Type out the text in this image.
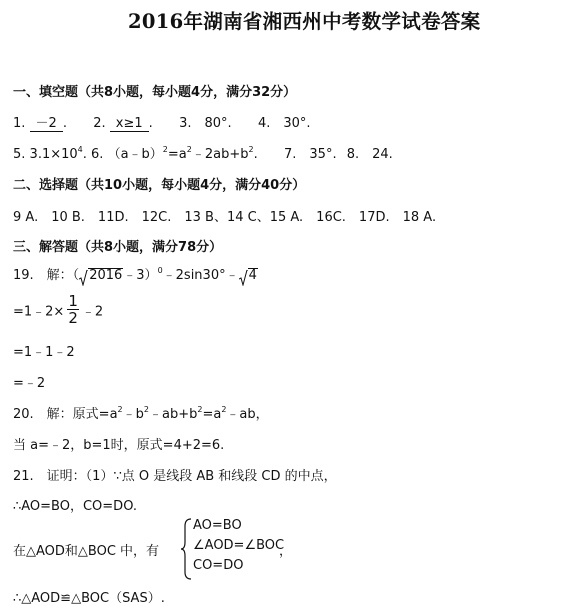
2016年湖南省湘西州中考数学试卷答案
一、填空题（共8小题，每小题4分，满分32分）
1. －2 . 2. x≥1 . 3.　80°. 4.　30°.
5. $3.1\times 10^4$. 6. $(a﹣b)^2=a^2﹣2ab+b^2$. 7.　35°. 8.　24.
二、选择题（共10小题，每小题4分，满分40分）
9 A.　10 B.　11D.　12C.　13 B、14 C、15 A.　16C.　17D.　18 A.
三、解答题（共8小题，满分78分）
19.　解：（ 2016﹣3）$^0$﹣2sin30°﹣ 4
=1﹣2× $\frac{1}{2}$ ﹣2
=1﹣1﹣2
=﹣2
20.　解：原式$=a^2﹣b^2﹣ab+b^2=a^2﹣ab$，
当 a=﹣2，b=1时，原式=4+2=6.
21.　证明：（1）∵点 O 是线段 AB 和线段 CD 的中点，
∴AO=BO，CO=DO.
在△AOD和△BOC 中，有
AO=BO
∠AOD=∠BOC
CO=DO
，
∴△AOD≌△BOC（SAS）.
